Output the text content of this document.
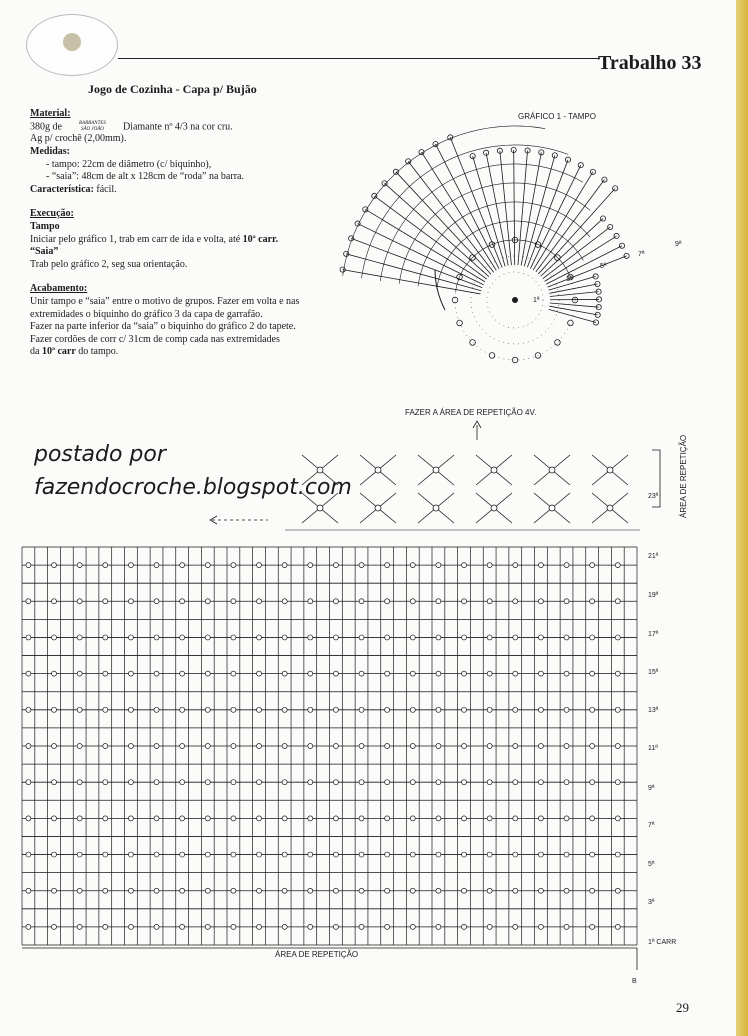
Trabalho 33
Jogo de Cozinha - Capa p/ Bujão

Material:

380g de	BARBANTES
SÃO JOÃO	Diamante nº 4/3 na cor cru.

Ag p/ crochê (2,00mm).

Medidas:

- tampo: 22cm de diâmetro (c/ biquinho),

- “saia”: 48cm de alt x 128cm de “roda” na barra.

Característica: fácil.

Execução:

Tampo

Iniciar pelo gráfico 1, trab em carr de ida e volta, até 10ª carr.

“Saia”

Trab pelo gráfico 2, seg sua orientação.

Acabamento:

Unir tampo e “saia” entre o motivo de grupos. Fazer em volta e nas

extremidades o biquinho do gráfico 3 da capa de garrafão.

Fazer na parte inferior da “saia” o biquinho do gráfico 2 do tapete.

Fazer cordões de corr c/ 31cm de comp cada nas extremidades

da 10ª carr do tampo.

GRÁFICO 1 - TAMPO
1ª
3ª
5ª
7ª
9ª
FAZER A ÁREA DE REPETIÇÃO 4V.
ÁREA DE REPETIÇÃO
ÁREA DE REPETIÇÃO
B
1ª CARR
3ª
5ª
7ª
9ª
11ª
13ª
15ª
17ª
19ª
21ª
23ª
postado por
fazendocroche.blogspot.com
29
